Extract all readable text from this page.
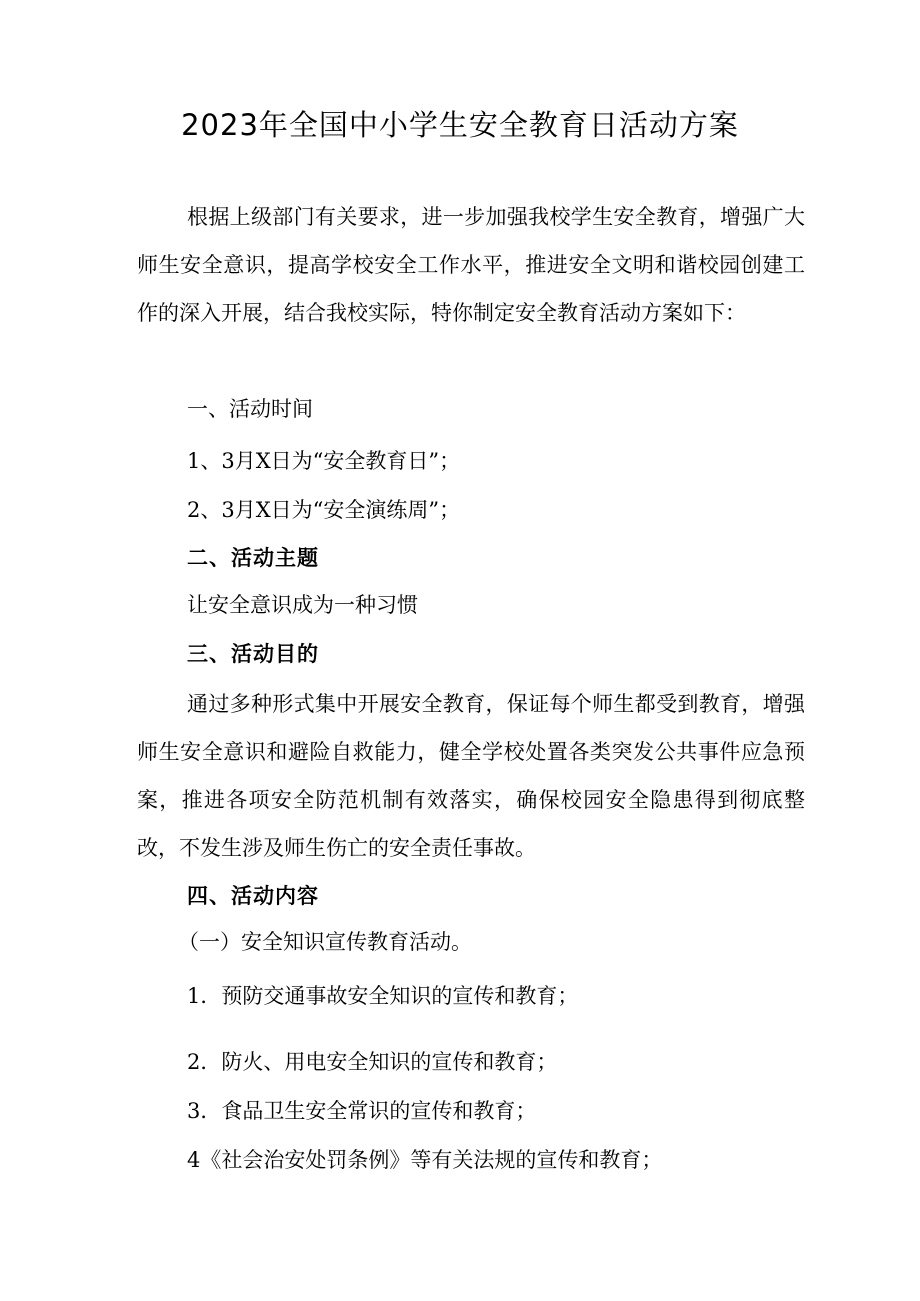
2023年全国中小学生安全教育日活动方案

根据上级部门有关要求，进一步加强我校学生安全教育，增强广大师生安全意识，提高学校安全工作水平，推进安全文明和谐校园创建工作的深入开展，结合我校实际，特你制定安全教育活动方案如下：

一、活动时间

1、3月X日为“安全教育日”；

2、3月X日为“安全演练周”；

二、活动主题

让安全意识成为一种习惯

三、活动目的

通过多种形式集中开展安全教育，保证每个师生都受到教育，增强师生安全意识和避险自救能力，健全学校处置各类突发公共事件应急预案，推进各项安全防范机制有效落实，确保校园安全隐患得到彻底整改，不发生涉及师生伤亡的安全责任事故。

四、活动内容

（一）安全知识宣传教育活动。

1．预防交通事故安全知识的宣传和教育；

2．防火、用电安全知识的宣传和教育；

3．食品卫生安全常识的宣传和教育；

4《社会治安处罚条例》等有关法规的宣传和教育；
